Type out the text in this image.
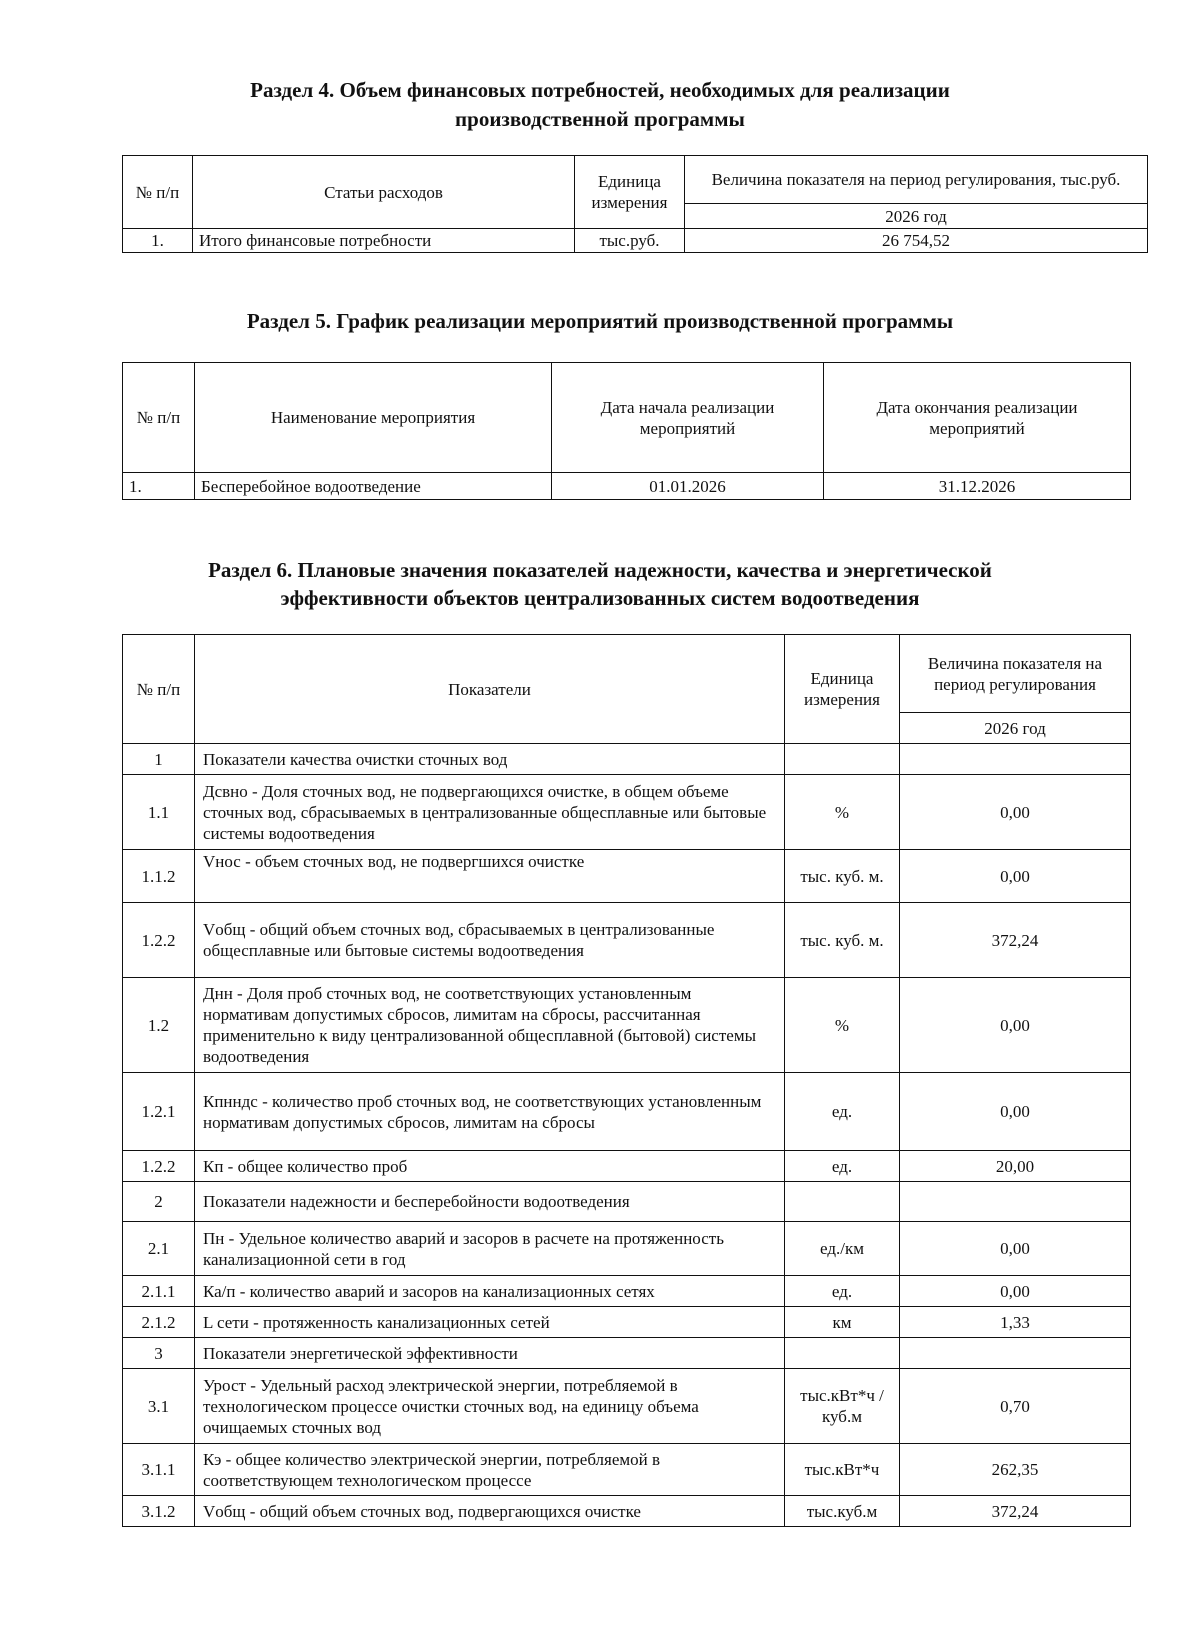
Раздел 4. Объем финансовых потребностей, необходимых для реализации
производственной программы
№ п/п	Статьи расходов	Единица измерения	Величина показателя на период регулирования, тыс.руб.
			2026 год
1.	Итого финансовые потребности	тыс.руб.	26 754,52
Раздел 5. График реализации мероприятий производственной программы
№ п/п	Наименование мероприятия	Дата начала реализации мероприятий	Дата окончания реализации мероприятий
1.	Бесперебойное водоотведение	01.01.2026	31.12.2026
Раздел 6. Плановые значения показателей надежности, качества и энергетической
эффективности объектов централизованных систем водоотведения
№ п/п	Показатели	Единица измерения	Величина показателя на период регулирования
			2026 год
1	Показатели качества очистки сточных вод		
1.1	Дсвно - Доля сточных вод, не подвергающихся очистке, в общем объеме сточных вод, сбрасываемых в централизованные общесплавные или бытовые системы водоотведения	%	0,00
1.1.2	Vнос - объем сточных вод, не подвергшихся очистке	тыс. куб. м.	0,00
1.2.2	Vобщ - общий объем сточных вод, сбрасываемых в централизованные общесплавные или бытовые системы водоотведения	тыс. куб. м.	372,24
1.2	Днн - Доля проб сточных вод, не соответствующих установленным нормативам допустимых сбросов, лимитам на сбросы, рассчитанная применительно к виду централизованной общесплавной (бытовой) системы водоотведения	%	0,00
1.2.1	Кпнндс - количество проб сточных вод, не соответствующих установленным нормативам допустимых сбросов, лимитам на сбросы	ед.	0,00
1.2.2	Кп - общее количество проб	ед.	20,00
2	Показатели надежности и бесперебойности водоотведения		
2.1	Пн - Удельное количество аварий и засоров в расчете на протяженность канализационной сети в год	ед./км	0,00
2.1.1	Ка/п - количество аварий и засоров на канализационных сетях	ед.	0,00
2.1.2	L сети - протяженность канализационных сетей	км	1,33
3	Показатели энергетической эффективности		
3.1	Урост - Удельный расход электрической энергии, потребляемой в технологическом процессе очистки сточных вод, на единицу объема очищаемых сточных вод	тыс.кВт*ч / куб.м	0,70
3.1.1	Кэ - общее количество электрической энергии, потребляемой в соответствующем технологическом процессе	тыс.кВт*ч	262,35
3.1.2	Vобщ - общий объем сточных вод, подвергающихся очистке	тыс.куб.м	372,24
